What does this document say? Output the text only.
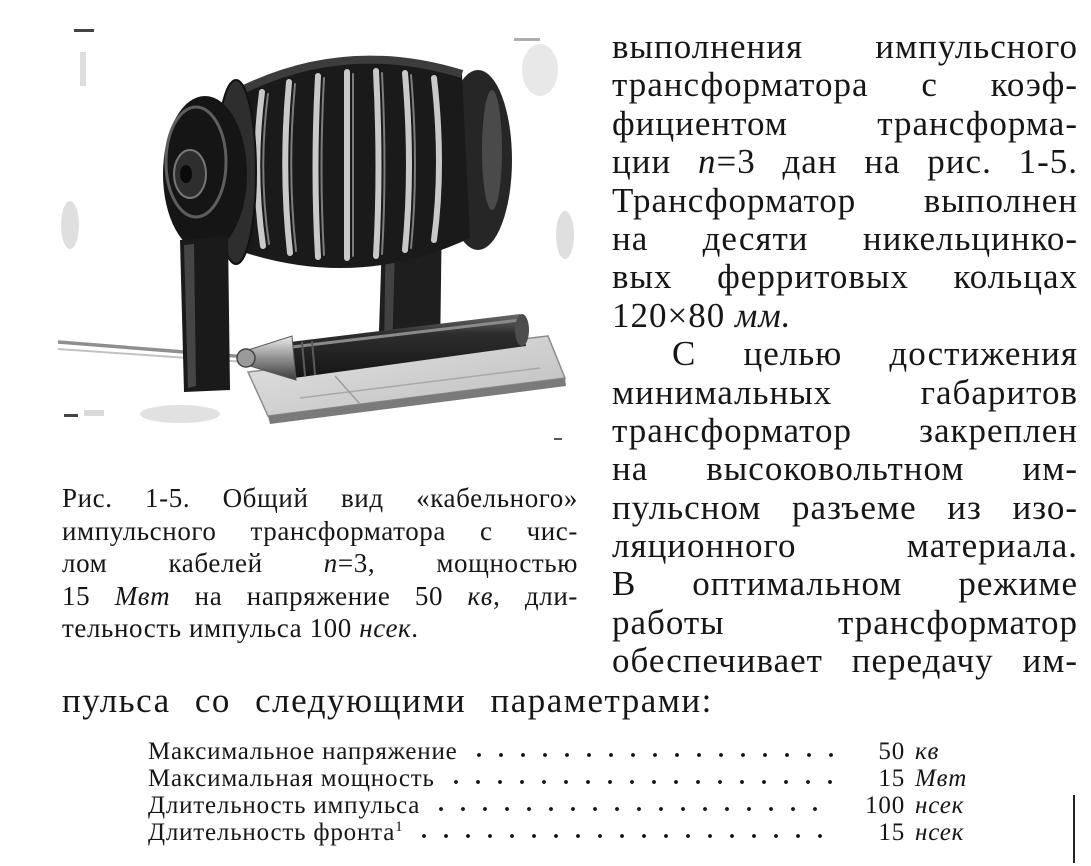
Рис. 1-5. Общий вид «кабельного»
импульсного трансформатора с чис-
лом кабелей n=3, мощностью
15 Мвт на напряжение 50 кв, дли-
тельность импульса 100 нсек.
выполнения импульсного
трансформатора с коэф-
фициентом трансформа-
ции n=3 дан на рис. 1-5.
Трансформатор выполнен
на десяти никельцинко-
вых ферритовых кольцах
120×80 мм.
С целью достижения
минимальных габаритов
трансформатор закреплен
на высоковольтном им-
пульсном разъеме из изо-
ляционного материала.
В оптимальном режиме
работы трансформатор
обеспечивает передачу им-
пульса со следующими параметрами:
Максимальное напряжение	50 кв
Максимальная мощность	15 Мвт
Длительность импульса	100 нсек
Длительность фронта$^1$	15 нсек
